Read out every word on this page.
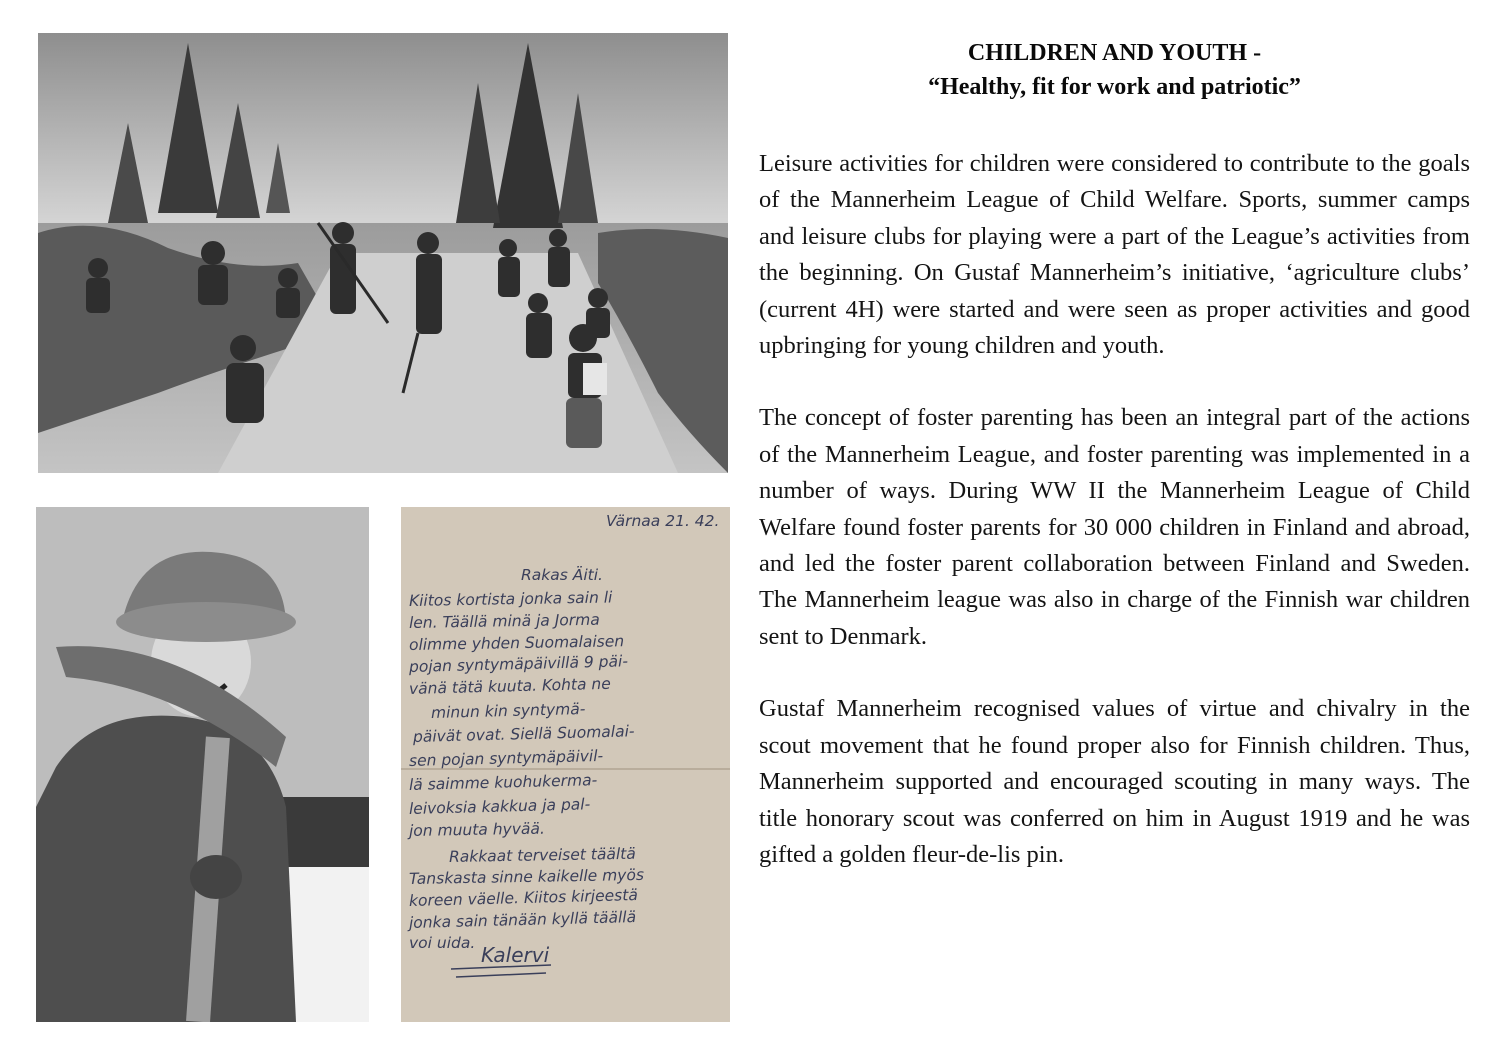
Värnaa 21. 42.
Rakas Äiti.
Kiitos kortista jonka sain li
len. Täällä minä ja Jorma
olimme yhden Suomalaisen
pojan syntymäpäivillä 9 päi-
vänä tätä kuuta. Kohta ne
minun kin syntymä-
päivät ovat. Siellä Suomalai-
sen pojan syntymäpäivil-
lä saimme kuohukerma-
leivoksia kakkua ja pal-
jon muuta hyvää.
Rakkaat terveiset täältä
Tanskasta sinne kaikelle myös
koreen väelle. Kiitos kirjeestä
jonka sain tänään kyllä täällä
voi uida. Kalervi
CHILDREN AND YOUTH -
“Healthy, fit for work and patriotic”

Leisure activities for children were considered to contribute to the goals of the Mannerheim League of Child Welfare. Sports, summer camps and leisure clubs for playing were a part of the League’s activities from the beginning. On Gustaf Mannerheim’s initiative, ‘agriculture clubs’ (current 4H) were started and were seen as proper activities and good upbringing for young children and youth.

The concept of foster parenting has been an integral part of the actions of the Mannerheim League, and foster parenting was implemented in a number of ways. During WW II the Mannerheim League of Child Welfare found foster parents for 30 000 children in Finland and abroad, and led the foster parent collaboration between Finland and Sweden. The Mannerheim league was also in charge of the Finnish war children sent to Denmark.

Gustaf Mannerheim recognised values of virtue and chivalry in the scout movement that he found proper also for Finnish children. Thus, Mannerheim supported and encouraged scouting in many ways. The title honorary scout was conferred on him in August 1919 and he was gifted a golden fleur-de-lis pin.
